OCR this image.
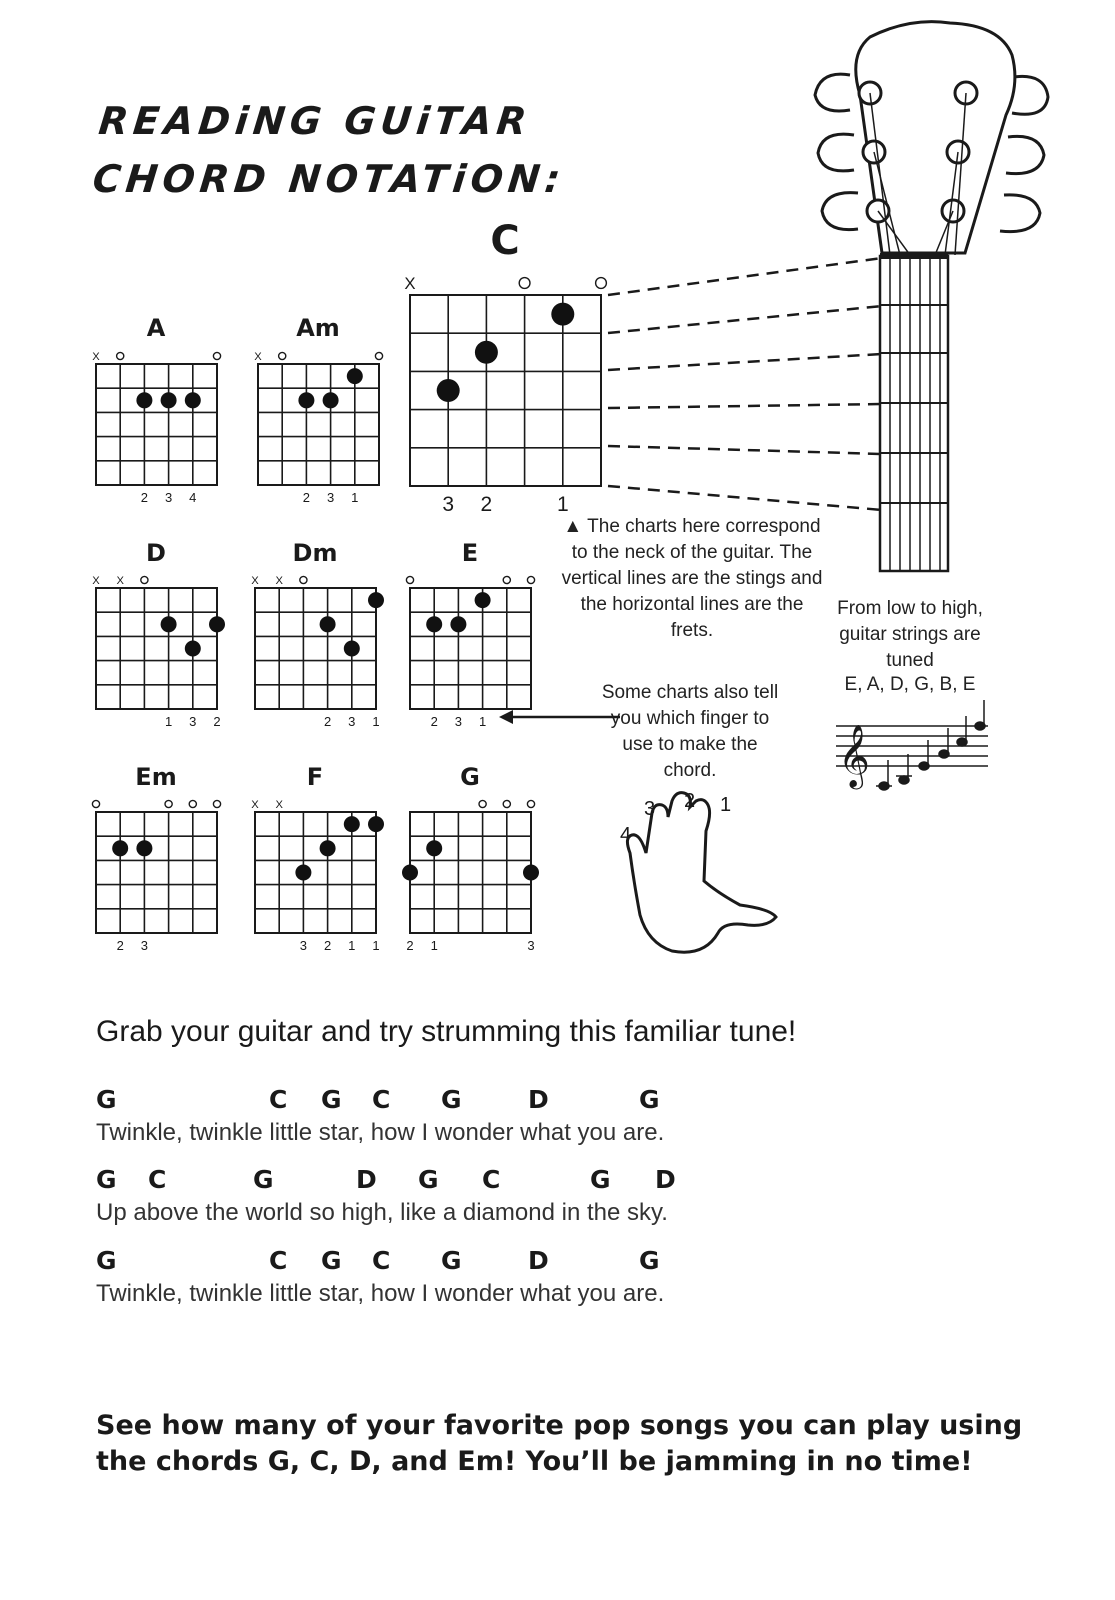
READiNG GUiTAR
CHORD NOTATiON:
X
3 2	1
X
2 3 4
X
2 3 1
X X
1 3 2
X X
2 3 1	2 3 1
2 3
X X
3 2 1 1 2 1	3
C
A	Am
D	Dm	E
Em	F	G
▲ The charts here correspond to the neck of the guitar. The vertical lines are the stings and the horizontal lines are the frets.
From low to high, guitar strings are tuned
E, A, D, G, B, E
Some charts also tell you which finger to use to make the chord.	𝄞
4
3 2 1
Grab your guitar and try strumming this familiar tune!
G	C G C G	D	G
Twinkle, twinkle little star, how I wonder what you are.
G C	G	D G C	G D
Up above the world so high, like a diamond in the sky.
G	C G C G	D	G
Twinkle, twinkle little star, how I wonder what you are.

See how many of your favorite pop songs you can play using the chords G, C, D, and Em! You’ll be jamming in no time!
